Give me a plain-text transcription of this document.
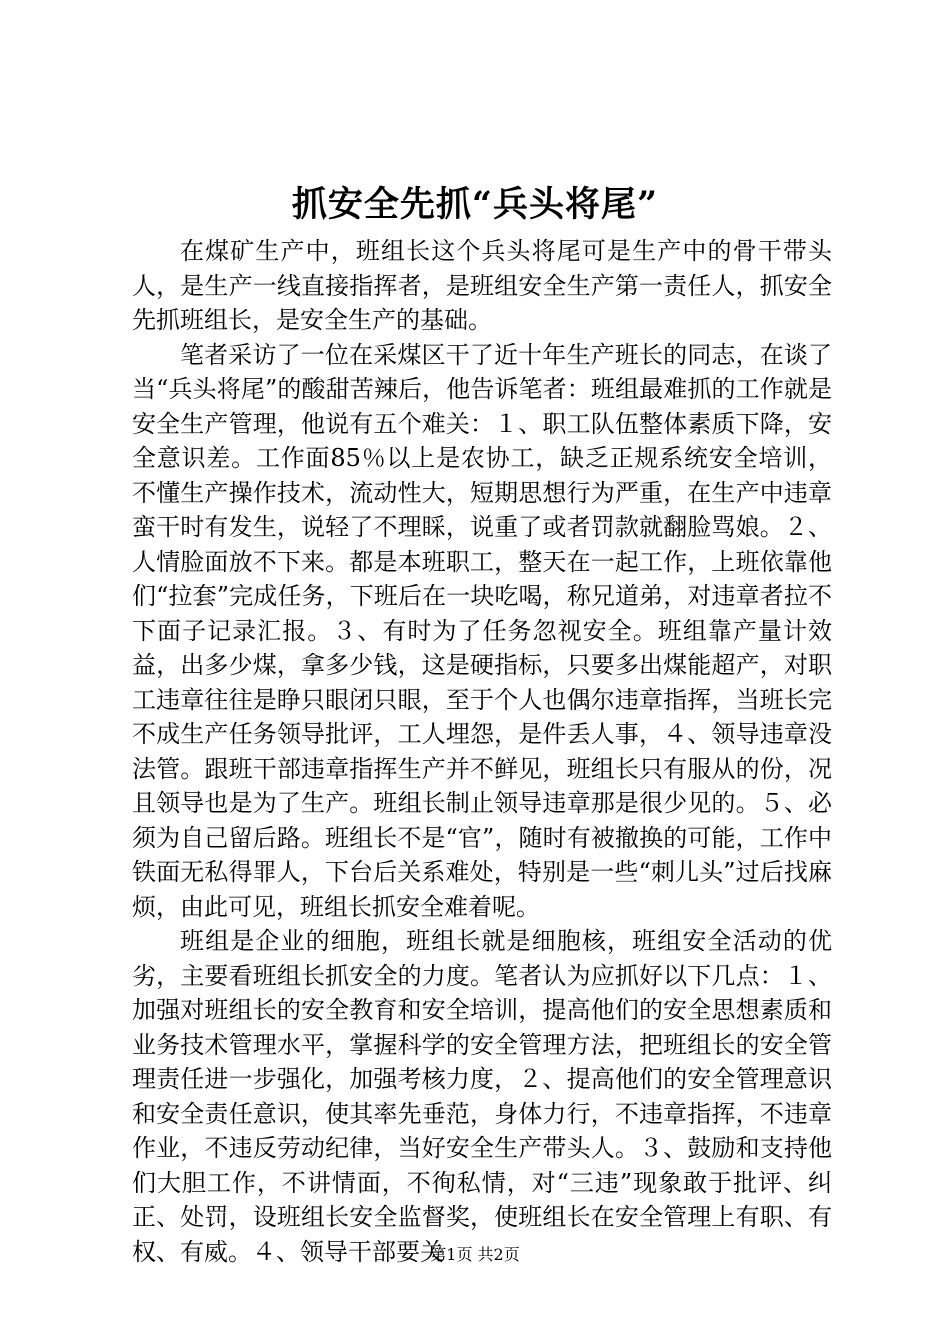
抓安全先抓“兵头将尾”

在煤矿生产中，班组长这个兵头将尾可是生产中的骨干带头人，是生产一线直接指挥者，是班组安全生产第一责任人，抓安全先抓班组长，是安全生产的基础。

笔者采访了一位在采煤区干了近十年生产班长的同志，在谈了当“兵头将尾”的酸甜苦辣后，他告诉笔者：班组最难抓的工作就是安全生产管理，他说有五个难关：１、职工队伍整体素质下降，安全意识差。工作面85％以上是农协工，缺乏正规系统安全培训，不懂生产操作技术，流动性大，短期思想行为严重，在生产中违章蛮干时有发生，说轻了不理睬，说重了或者罚款就翻脸骂娘。２、人情脸面放不下来。都是本班职工，整天在一起工作，上班依靠他们“拉套”完成任务，下班后在一块吃喝，称兄道弟，对违章者拉不下面子记录汇报。３、有时为了任务忽视安全。班组靠产量计效益，出多少煤，拿多少钱，这是硬指标，只要多出煤能超产，对职工违章往往是睁只眼闭只眼，至于个人也偶尔违章指挥，当班长完不成生产任务领导批评，工人埋怨，是件丢人事，４、领导违章没法管。跟班干部违章指挥生产并不鲜见，班组长只有服从的份，况且领导也是为了生产。班组长制止领导违章那是很少见的。５、必须为自己留后路。班组长不是“官”，随时有被撤换的可能，工作中铁面无私得罪人，下台后关系难处，特别是一些“刺儿头”过后找麻烦，由此可见，班组长抓安全难着呢。

班组是企业的细胞，班组长就是细胞核，班组安全活动的优劣，主要看班组长抓安全的力度。笔者认为应抓好以下几点：１、加强对班组长的安全教育和安全培训，提高他们的安全思想素质和业务技术管理水平，掌握科学的安全管理方法，把班组长的安全管理责任进一步强化，加强考核力度，２、提高他们的安全管理意识和安全责任意识，使其率先垂范，身体力行，不违章指挥，不违章作业，不违反劳动纪律，当好安全生产带头人。３、鼓励和支持他们大胆工作，不讲情面，不徇私情，对“三违”现象敢于批评、纠正、处罚，设班组长安全监督奖，使班组长在安全管理上有职、有权、有威。４、领导干部要关

第1页 共2页
